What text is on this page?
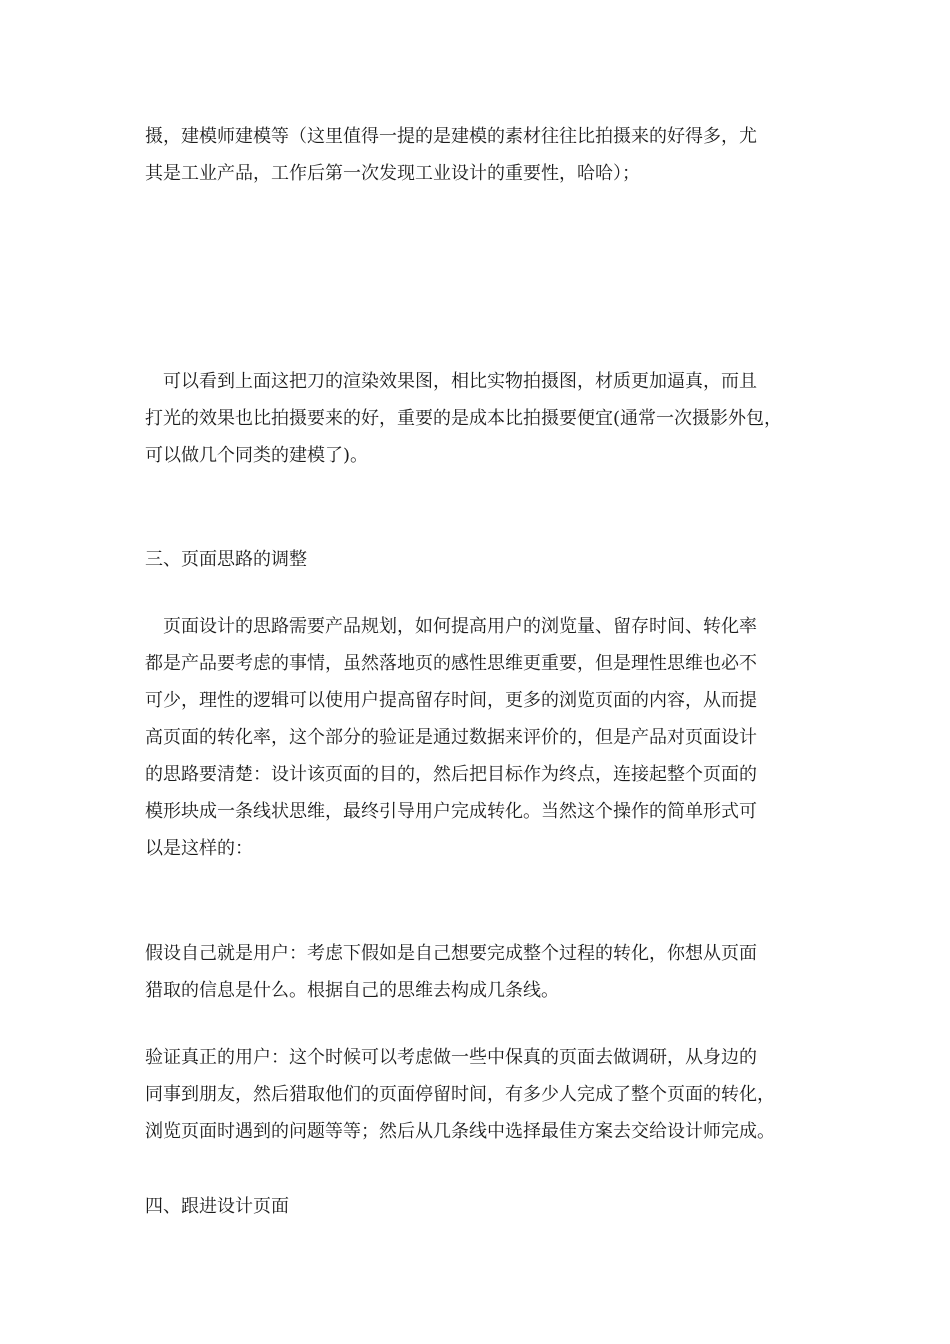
摄，建模师建模等（这里值得一提的是建模的素材往往比拍摄来的好得多，尤
其是工业产品，工作后第一次发现工业设计的重要性，哈哈）；
可以看到上面这把刀的渲染效果图，相比实物拍摄图，材质更加逼真，而且
打光的效果也比拍摄要来的好，重要的是成本比拍摄要便宜(通常一次摄影外包，
可以做几个同类的建模了)。
三、页面思路的调整
页面设计的思路需要产品规划，如何提高用户的浏览量、留存时间、转化率
都是产品要考虑的事情，虽然落地页的感性思维更重要，但是理性思维也必不
可少，理性的逻辑可以使用户提高留存时间，更多的浏览页面的内容，从而提
高页面的转化率，这个部分的验证是通过数据来评价的，但是产品对页面设计
的思路要清楚：设计该页面的目的，然后把目标作为终点，连接起整个页面的
模形块成一条线状思维，最终引导用户完成转化。当然这个操作的简单形式可
以是这样的：
假设自己就是用户：考虑下假如是自己想要完成整个过程的转化，你想从页面
猎取的信息是什么。根据自己的思维去构成几条线。
验证真正的用户：这个时候可以考虑做一些中保真的页面去做调研，从身边的
同事到朋友，然后猎取他们的页面停留时间，有多少人完成了整个页面的转化，
浏览页面时遇到的问题等等；然后从几条线中选择最佳方案去交给设计师完成。
四、跟进设计页面
